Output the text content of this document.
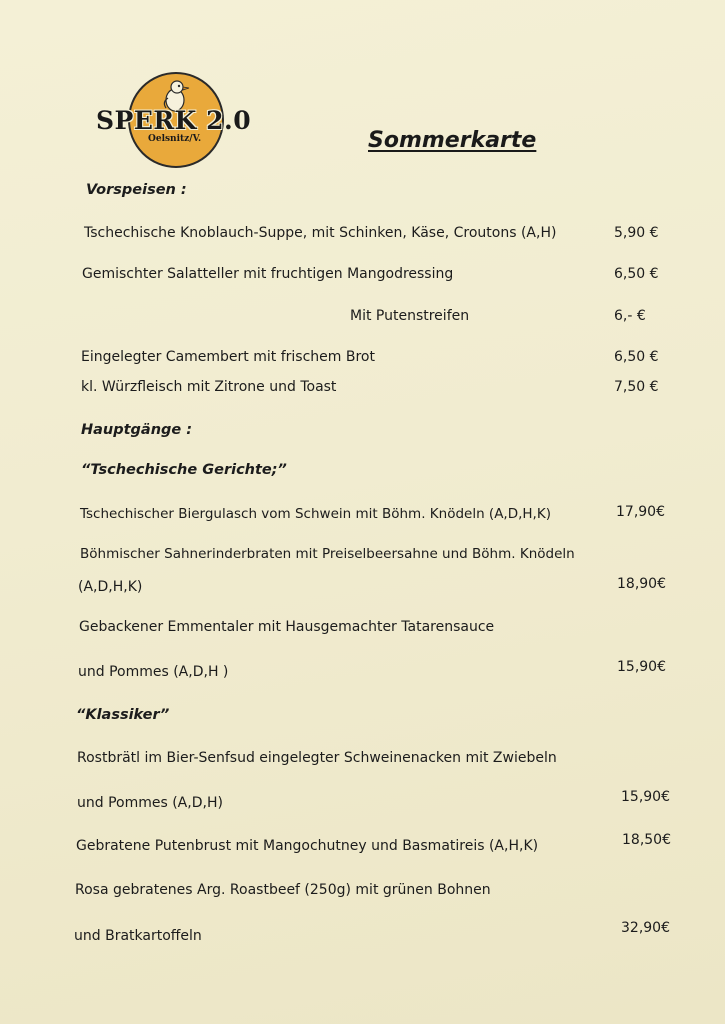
SPERK 2.0
Oelsnitz/V.	Sommerkarte
Vorspeisen :
Tschechische Knoblauch-Suppe, mit Schinken, Käse, Croutons (A,H)	5,90 €
Gemischter Salatteller mit fruchtigen Mangodressing	6,50 €
Mit Putenstreifen	6,- €
Eingelegter Camembert mit frischem Brot	6,50 €
kl. Würzfleisch mit Zitrone und Toast	7,50 €
Hauptgänge :
“Tschechische Gerichte;”
Tschechischer Biergulasch vom Schwein mit Böhm. Knödeln (A,D,H,K)	17,90€
Böhmischer Sahnerinderbraten mit Preiselbeersahne und Böhm. Knödeln
(A,D,H,K)	18,90€
Gebackener Emmentaler mit Hausgemachter Tatarensauce
und Pommes (A,D,H )	15,90€
“Klassiker”
Rostbrätl im Bier-Senfsud eingelegter Schweinenacken mit Zwiebeln
und Pommes (A,D,H)	15,90€
Gebratene Putenbrust mit Mangochutney und Basmatireis (A,H,K)	18,50€
Rosa gebratenes Arg. Roastbeef (250g) mit grünen Bohnen
und Bratkartoffeln	32,90€
